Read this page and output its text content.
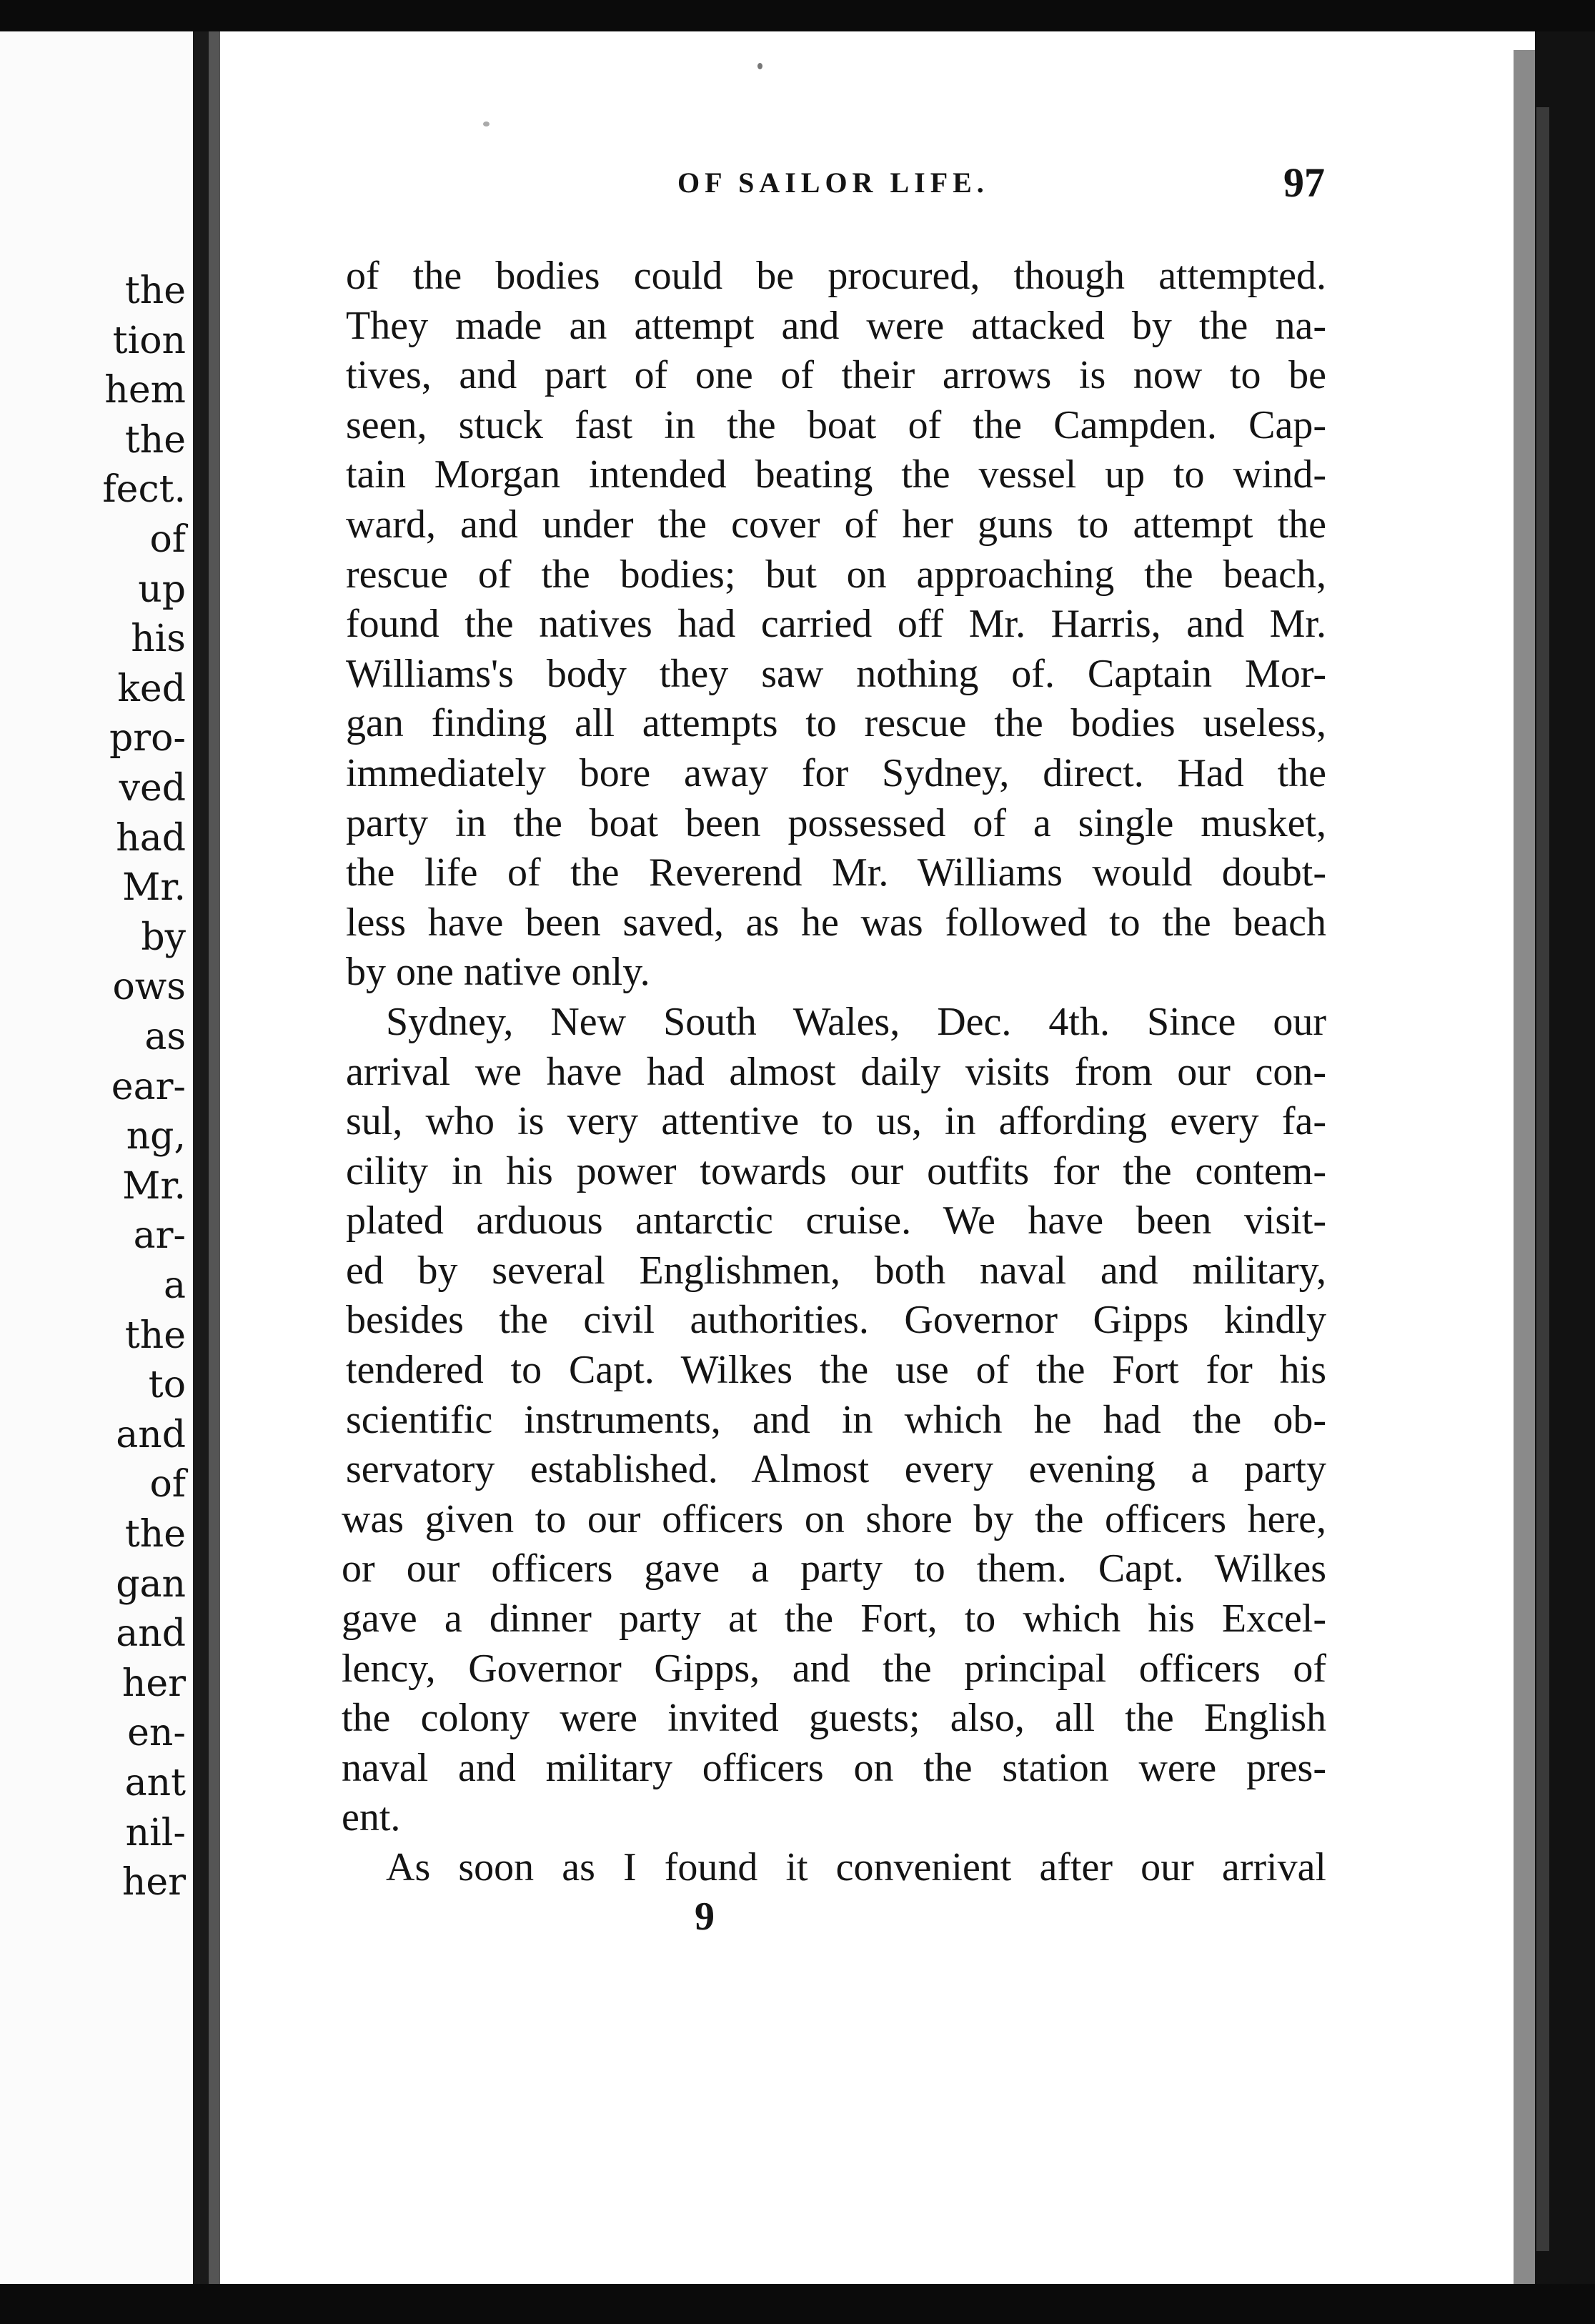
the
tion
hem
the
fect.
of
up
his
ked
pro-
ved
had
Mr.
by
ows
as
ear-
ng,
Mr.
ar-
a
the
to
and
of
the
gan
and
her
en-
ant
nil-
her
OF SAILOR LIFE.	97
of the bodies could be procured, though attempted.
They made an attempt and were attacked by the na-
tives, and part of one of their arrows is now to be
seen, stuck fast in the boat of the Campden. Cap-
tain Morgan intended beating the vessel up to wind-
ward, and under the cover of her guns to attempt the
rescue of the bodies; but on approaching the beach,
found the natives had carried off Mr. Harris, and Mr.
Williams's body they saw nothing of. Captain Mor-
gan finding all attempts to rescue the bodies useless,
immediately bore away for Sydney, direct. Had the
party in the boat been possessed of a single musket,
the life of the Reverend Mr. Williams would doubt-
less have been saved, as he was followed to the beach
by one native only.
Sydney, New South Wales, Dec. 4th. Since our
arrival we have had almost daily visits from our con-
sul, who is very attentive to us, in affording every fa-
cility in his power towards our outfits for the contem-
plated arduous antarctic cruise. We have been visit-
ed by several Englishmen, both naval and military,
besides the civil authorities. Governor Gipps kindly
tendered to Capt. Wilkes the use of the Fort for his
scientific instruments, and in which he had the ob-
servatory established. Almost every evening a party
was given to our officers on shore by the officers here,
or our officers gave a party to them. Capt. Wilkes
gave a dinner party at the Fort, to which his Excel-
lency, Governor Gipps, and the principal officers of
the colony were invited guests; also, all the English
naval and military officers on the station were pres-
ent.
As soon as I found it convenient after our arrival
9
